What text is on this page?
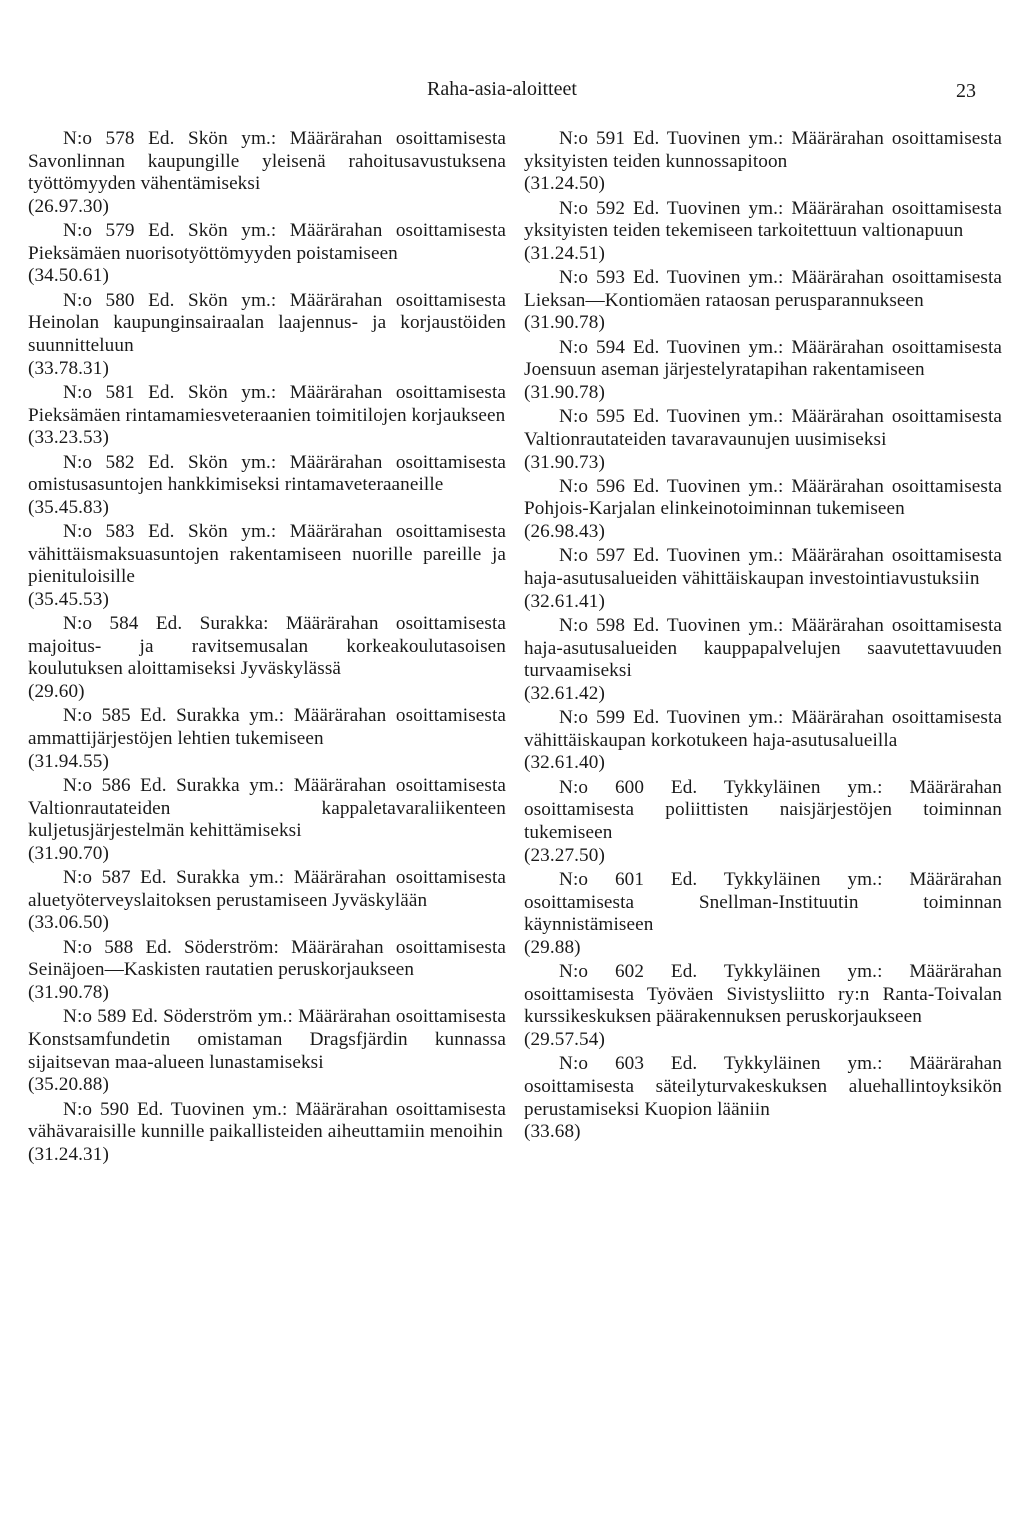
Raha-asia-aloitteet	23
N:o 578 Ed. Skön ym.: Määrärahan osoittamisesta Savonlinnan kaupungille yleisenä rahoitusavustuksena työttömyyden vähentämiseksi
(26.97.30)
N:o 579 Ed. Skön ym.: Määrärahan osoittamisesta Pieksämäen nuorisotyöttömyyden poistamiseen
(34.50.61)
N:o 580 Ed. Skön ym.: Määrärahan osoittamisesta Heinolan kaupunginsairaalan laajennus- ja korjaustöiden suunnitteluun
(33.78.31)
N:o 581 Ed. Skön ym.: Määrärahan osoittamisesta Pieksämäen rintamamiesveteraanien toimitilojen korjaukseen
(33.23.53)
N:o 582 Ed. Skön ym.: Määrärahan osoittamisesta omistusasuntojen hankkimiseksi rintamaveteraaneille
(35.45.83)
N:o 583 Ed. Skön ym.: Määrärahan osoittamisesta vähittäismaksuasuntojen rakentamiseen nuorille pareille ja pienituloisille
(35.45.53)
N:o 584 Ed. Surakka: Määrärahan osoittamisesta majoitus- ja ravitsemusalan korkeakoulutasoisen koulutuksen aloittamiseksi Jyväskylässä
(29.60)
N:o 585 Ed. Surakka ym.: Määrärahan osoittamisesta ammattijärjestöjen lehtien tukemiseen
(31.94.55)
N:o 586 Ed. Surakka ym.: Määrärahan osoittamisesta Valtionrautateiden kappaletavaraliikenteen kuljetusjärjestelmän kehittämiseksi
(31.90.70)
N:o 587 Ed. Surakka ym.: Määrärahan osoittamisesta aluetyöterveyslaitoksen perustamiseen Jyväskylään
(33.06.50)
N:o 588 Ed. Söderström: Määrärahan osoittamisesta Seinäjoen—Kaskisten rautatien peruskorjaukseen
(31.90.78)
N:o 589 Ed. Söderström ym.: Määrärahan osoittamisesta Konstsamfundetin omistaman Dragsfjärdin kunnassa sijaitsevan maa-alueen lunastamiseksi
(35.20.88)
N:o 590 Ed. Tuovinen ym.: Määrärahan osoittamisesta vähävaraisille kunnille paikallisteiden aiheuttamiin menoihin
(31.24.31)
N:o 591 Ed. Tuovinen ym.: Määrärahan osoittamisesta yksityisten teiden kunnossapitoon
(31.24.50)
N:o 592 Ed. Tuovinen ym.: Määrärahan osoittamisesta yksityisten teiden tekemiseen tarkoitettuun valtionapuun
(31.24.51)
N:o 593 Ed. Tuovinen ym.: Määrärahan osoittamisesta Lieksan—Kontiomäen rataosan perusparannukseen
(31.90.78)
N:o 594 Ed. Tuovinen ym.: Määrärahan osoittamisesta Joensuun aseman järjestelyratapihan rakentamiseen
(31.90.78)
N:o 595 Ed. Tuovinen ym.: Määrärahan osoittamisesta Valtionrautateiden tavaravaunujen uusimiseksi
(31.90.73)
N:o 596 Ed. Tuovinen ym.: Määrärahan osoittamisesta Pohjois-Karjalan elinkeinotoiminnan tukemiseen
(26.98.43)
N:o 597 Ed. Tuovinen ym.: Määrärahan osoittamisesta haja-asutusalueiden vähittäiskaupan investointiavustuksiin
(32.61.41)
N:o 598 Ed. Tuovinen ym.: Määrärahan osoittamisesta haja-asutusalueiden kauppapalvelujen saavutettavuuden turvaamiseksi
(32.61.42)
N:o 599 Ed. Tuovinen ym.: Määrärahan osoittamisesta vähittäiskaupan korkotukeen haja-asutusalueilla
(32.61.40)
N:o 600 Ed. Tykkyläinen ym.: Määrärahan osoittamisesta poliittisten naisjärjestöjen toiminnan tukemiseen
(23.27.50)
N:o 601 Ed. Tykkyläinen ym.: Määrärahan osoittamisesta Snellman-Instituutin toiminnan käynnistämiseen
(29.88)
N:o 602 Ed. Tykkyläinen ym.: Määrärahan osoittamisesta Työväen Sivistysliitto ry:n Ranta-Toivalan kurssikeskuksen päärakennuksen peruskorjaukseen
(29.57.54)
N:o 603 Ed. Tykkyläinen ym.: Määrärahan osoittamisesta säteilyturvakeskuksen aluehallintoyksikön perustamiseksi Kuopion lääniin
(33.68)
